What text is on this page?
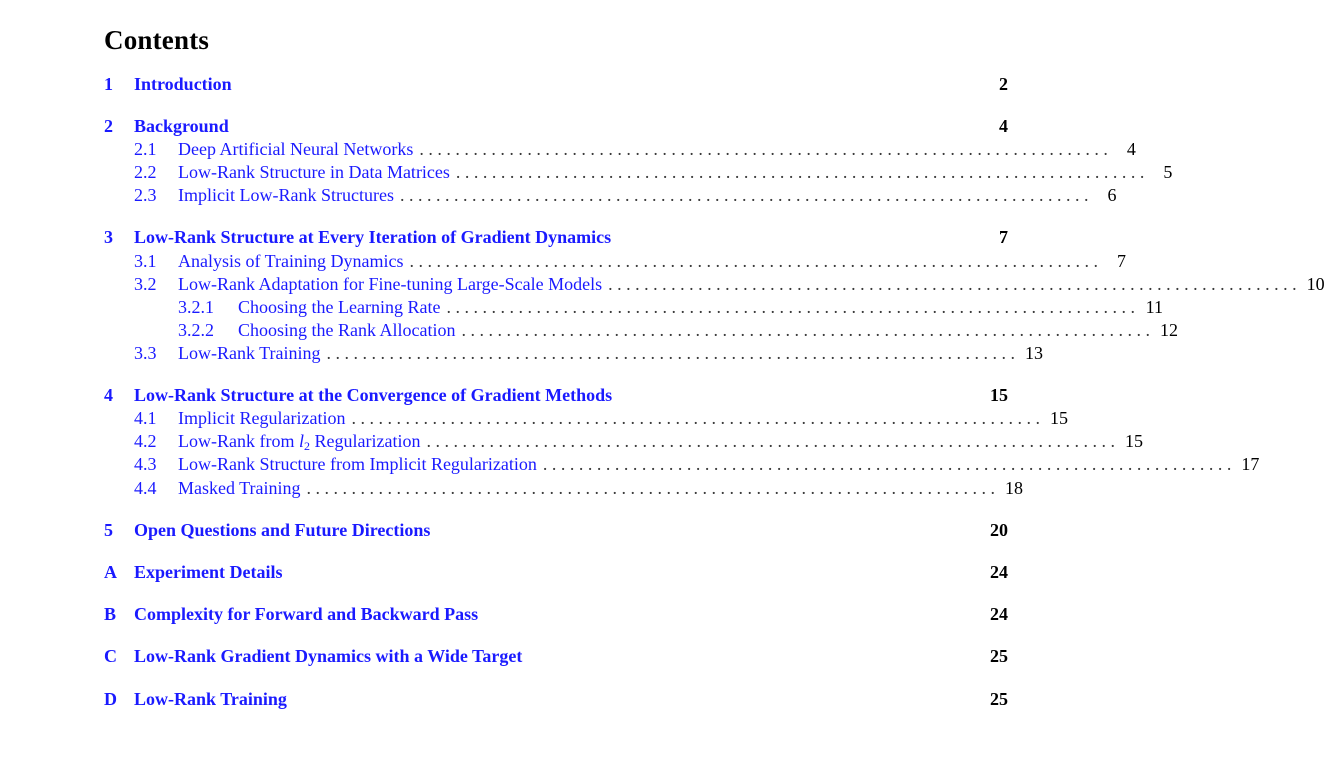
Contents
1	Introduction	2
2	Background	4
2.1	Deep Artificial Neural Networks . . . . . . . . . . . . . . . . . . . . . . . . . . . . . . . . . . . . . . . . . . . . . . . . . . . . . . . . . . . . . . . . . . . . . . . . . . . . .	4
2.2	Low-Rank Structure in Data Matrices . . . . . . . . . . . . . . . . . . . . . . . . . . . . . . . . . . . . . . . . . . . . . . . . . . . . . . . . . . . . . . . . . . . . . . . . . . . . .	5
2.3	Implicit Low-Rank Structures . . . . . . . . . . . . . . . . . . . . . . . . . . . . . . . . . . . . . . . . . . . . . . . . . . . . . . . . . . . . . . . . . . . . . . . . . . . . .	6
3	Low-Rank Structure at Every Iteration of Gradient Dynamics	7
3.1	Analysis of Training Dynamics . . . . . . . . . . . . . . . . . . . . . . . . . . . . . . . . . . . . . . . . . . . . . . . . . . . . . . . . . . . . . . . . . . . . . . . . . . . . .	7
3.2	Low-Rank Adaptation for Fine-tuning Large-Scale Models . . . . . . . . . . . . . . . . . . . . . . . . . . . . . . . . . . . . . . . . . . . . . . . . . . . . . . . . . . . . . . . . . . . . . . . . . . . . . 10
3.2.1	Choosing the Learning Rate . . . . . . . . . . . . . . . . . . . . . . . . . . . . . . . . . . . . . . . . . . . . . . . . . . . . . . . . . . . . . . . . . . . . . . . . . . . . . 11
3.2.2	Choosing the Rank Allocation . . . . . . . . . . . . . . . . . . . . . . . . . . . . . . . . . . . . . . . . . . . . . . . . . . . . . . . . . . . . . . . . . . . . . . . . . . . . . 12
3.3	Low-Rank Training . . . . . . . . . . . . . . . . . . . . . . . . . . . . . . . . . . . . . . . . . . . . . . . . . . . . . . . . . . . . . . . . . . . . . . . . . . . . . 13
4	Low-Rank Structure at the Convergence of Gradient Methods	15
4.1	Implicit Regularization . . . . . . . . . . . . . . . . . . . . . . . . . . . . . . . . . . . . . . . . . . . . . . . . . . . . . . . . . . . . . . . . . . . . . . . . . . . . . 15
4.2	Low-Rank from $l_2$ Regularization . . . . . . . . . . . . . . . . . . . . . . . . . . . . . . . . . . . . . . . . . . . . . . . . . . . . . . . . . . . . . . . . . . . . . . . . . . . . . 15
4.3	Low-Rank Structure from Implicit Regularization . . . . . . . . . . . . . . . . . . . . . . . . . . . . . . . . . . . . . . . . . . . . . . . . . . . . . . . . . . . . . . . . . . . . . . . . . . . . . 17
4.4	Masked Training . . . . . . . . . . . . . . . . . . . . . . . . . . . . . . . . . . . . . . . . . . . . . . . . . . . . . . . . . . . . . . . . . . . . . . . . . . . . . 18
5	Open Questions and Future Directions	20
A Experiment Details	24
B Complexity for Forward and Backward Pass	24
C Low-Rank Gradient Dynamics with a Wide Target	25
D Low-Rank Training	25
